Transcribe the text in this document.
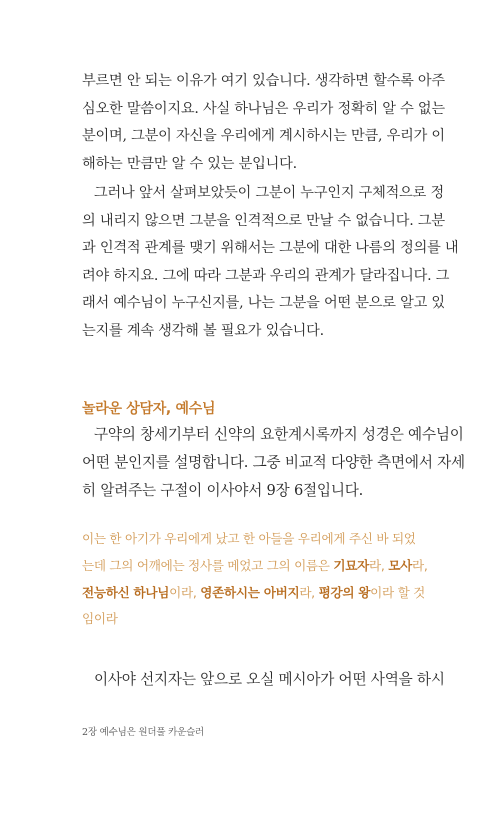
부르면 안 되는 이유가 여기 있습니다. 생각하면 할수록 아주
심오한 말씀이지요. 사실 하나님은 우리가 정확히 알 수 없는
분이며, 그분이 자신을 우리에게 계시하시는 만큼, 우리가 이
해하는 만큼만 알 수 있는 분입니다.
그러나 앞서 살펴보았듯이 그분이 누구인지 구체적으로 정
의 내리지 않으면 그분을 인격적으로 만날 수 없습니다. 그분
과 인격적 관계를 맺기 위해서는 그분에 대한 나름의 정의를 내
려야 하지요. 그에 따라 그분과 우리의 관계가 달라집니다. 그
래서 예수님이 누구신지를, 나는 그분을 어떤 분으로 알고 있
는지를 계속 생각해 볼 필요가 있습니다.
놀라운 상담자, 예수님
구약의 창세기부터 신약의 요한계시록까지 성경은 예수님이
어떤 분인지를 설명합니다. 그중 비교적 다양한 측면에서 자세
히 알려주는 구절이 이사야서 9장 6절입니다.
이는 한 아기가 우리에게 났고 한 아들을 우리에게 주신 바 되었
는데 그의 어깨에는 정사를 메었고 그의 이름은 기묘자라, 모사라,
전능하신 하나님이라, 영존하시는 아버지라, 평강의 왕이라 할 것
임이라
이사야 선지자는 앞으로 오실 메시아가 어떤 사역을 하시
2장 예수님은 원더풀 카운슬러
